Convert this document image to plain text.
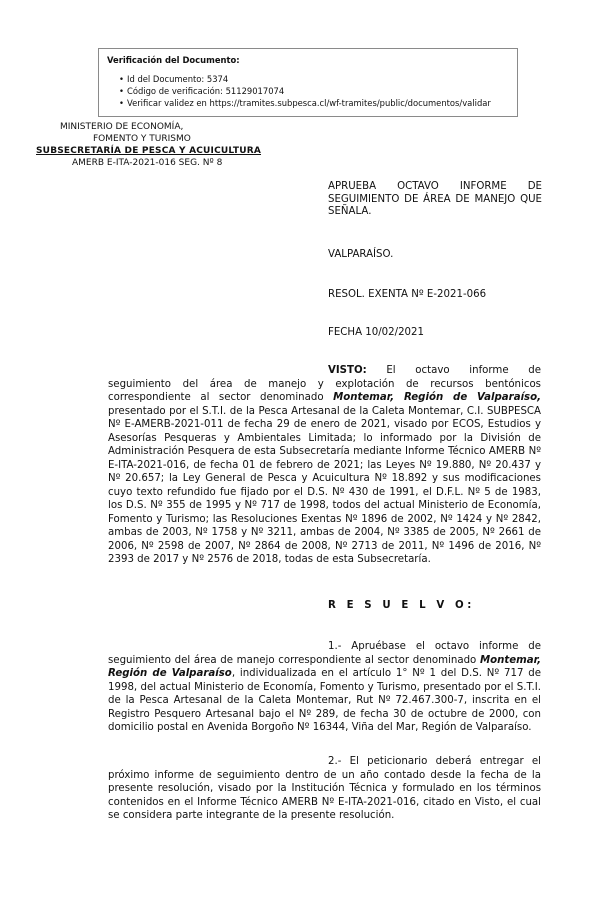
Verificación del Documento:
• Id del Documento: 5374
• Código de verificación: 51129017074
• Verificar validez en https://tramites.subpesca.cl/wf-tramites/public/documentos/validar
MINISTERIO DE ECONOMÍA,
FOMENTO Y TURISMO
SUBSECRETARÍA DE PESCA Y ACUICULTURA
AMERB E-ITA-2021-016 SEG. Nº 8
APRUEBA OCTAVO INFORME DE SEGUIMIENTO DE ÁREA DE MANEJO QUE SEÑALA.
VALPARAÍSO.
RESOL. EXENTA Nº E-2021-066
FECHA 10/02/2021
VISTO: El octavo informe de seguimiento del área de manejo y explotación de recursos bentónicos correspondiente al sector denominado Montemar, Región de Valparaíso, presentado por el S.T.I. de la Pesca Artesanal de la Caleta Montemar, C.I. SUBPESCA Nº E-AMERB-2021-011 de fecha 29 de enero de 2021, visado por ECOS, Estudios y Asesorías Pesqueras y Ambientales Limitada; lo informado por la División de Administración Pesquera de esta Subsecretaría mediante Informe Técnico AMERB Nº E-ITA-2021-016, de fecha 01 de febrero de 2021; las Leyes Nº 19.880, Nº 20.437 y Nº 20.657; la Ley General de Pesca y Acuicultura Nº 18.892 y sus modificaciones cuyo texto refundido fue fijado por el D.S. Nº 430 de 1991, el D.F.L. Nº 5 de 1983, los D.S. Nº 355 de 1995 y Nº 717 de 1998, todos del actual Ministerio de Economía, Fomento y Turismo; las Resoluciones Exentas Nº 1896 de 2002, Nº 1424 y Nº 2842, ambas de 2003, Nº 1758 y Nº 3211, ambas de 2004, Nº 3385 de 2005, Nº 2661 de 2006, Nº 2598 de 2007, Nº 2864 de 2008, Nº 2713 de 2011, Nº 1496 de 2016, Nº 2393 de 2017 y Nº 2576 de 2018, todas de esta Subsecretaría.
R E S U E L V O:
1.- Apruébase el octavo informe de seguimiento del área de manejo correspondiente al sector denominado Montemar, Región de Valparaíso, individualizada en el artículo 1° Nº 1 del D.S. Nº 717 de 1998, del actual Ministerio de Economía, Fomento y Turismo, presentado por el S.T.I. de la Pesca Artesanal de la Caleta Montemar, Rut Nº 72.467.300-7, inscrita en el Registro Pesquero Artesanal bajo el Nº 289, de fecha 30 de octubre de 2000, con domicilio postal en Avenida Borgoño Nº 16344, Viña del Mar, Región de Valparaíso.
2.- El peticionario deberá entregar el próximo informe de seguimiento dentro de un año contado desde la fecha de la presente resolución, visado por la Institución Técnica y formulado en los términos contenidos en el Informe Técnico AMERB Nº E-ITA-2021-016, citado en Visto, el cual se considera parte integrante de la presente resolución.
